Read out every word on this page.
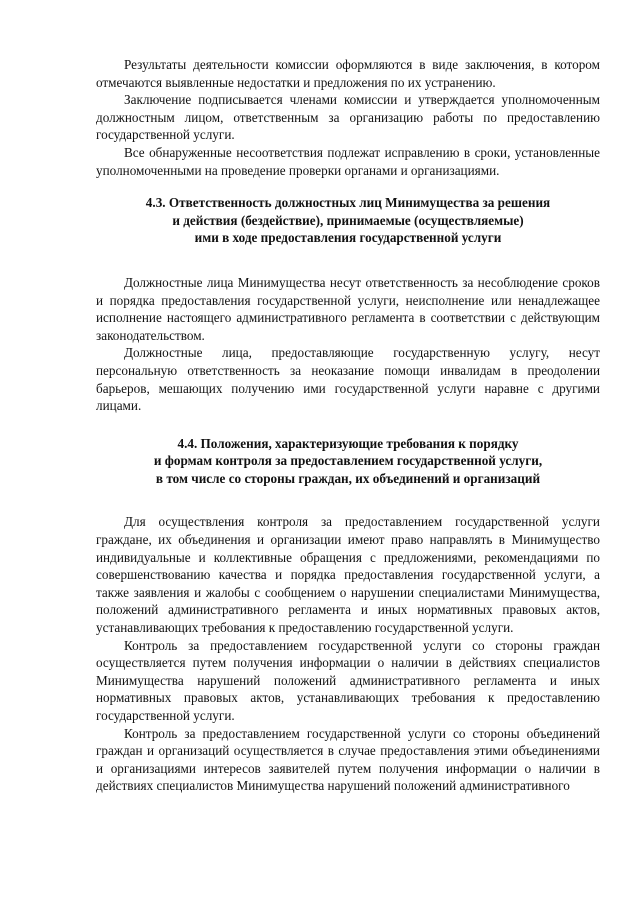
Результаты деятельности комиссии оформляются в виде заключения, в котором отмечаются выявленные недостатки и предложения по их устранению.

Заключение подписывается членами комиссии и утверждается уполномоченным должностным лицом, ответственным за организацию работы по предоставлению государственной услуги.

Все обнаруженные несоответствия подлежат исправлению в сроки, установленные уполномоченными на проведение проверки органами и организациями.

4.3. Ответственность должностных лиц Минимущества за решения
и действия (бездействие), принимаемые (осуществляемые)
ими в ходе предоставления государственной услуги

Должностные лица Минимущества несут ответственность за несоблюдение сроков и порядка предоставления государственной услуги, неисполнение или ненадлежащее исполнение настоящего административного регламента в соответствии с действующим законодательством.

Должностные лица, предоставляющие государственную услугу, несут персональную ответственность за неоказание помощи инвалидам в преодолении барьеров, мешающих получению ими государственной услуги наравне с другими лицами.

4.4. Положения, характеризующие требования к порядку
и формам контроля за предоставлением государственной услуги,
в том числе со стороны граждан, их объединений и организаций

Для осуществления контроля за предоставлением государственной услуги граждане, их объединения и организации имеют право направлять в Минимущество индивидуальные и коллективные обращения с предложениями, рекомендациями по совершенствованию качества и порядка предоставления государственной услуги, а также заявления и жалобы с сообщением о нарушении специалистами Минимущества, положений административного регламента и иных нормативных правовых актов, устанавливающих требования к предоставлению государственной услуги.

Контроль за предоставлением государственной услуги со стороны граждан осуществляется путем получения информации о наличии в действиях специалистов Минимущества нарушений положений административного регламента и иных нормативных правовых актов, устанавливающих требования к предоставлению государственной услуги.

Контроль за предоставлением государственной услуги со стороны объединений граждан и организаций осуществляется в случае предоставления этими объединениями и организациями интересов заявителей путем получения информации о наличии в действиях специалистов Минимущества нарушений положений административного
